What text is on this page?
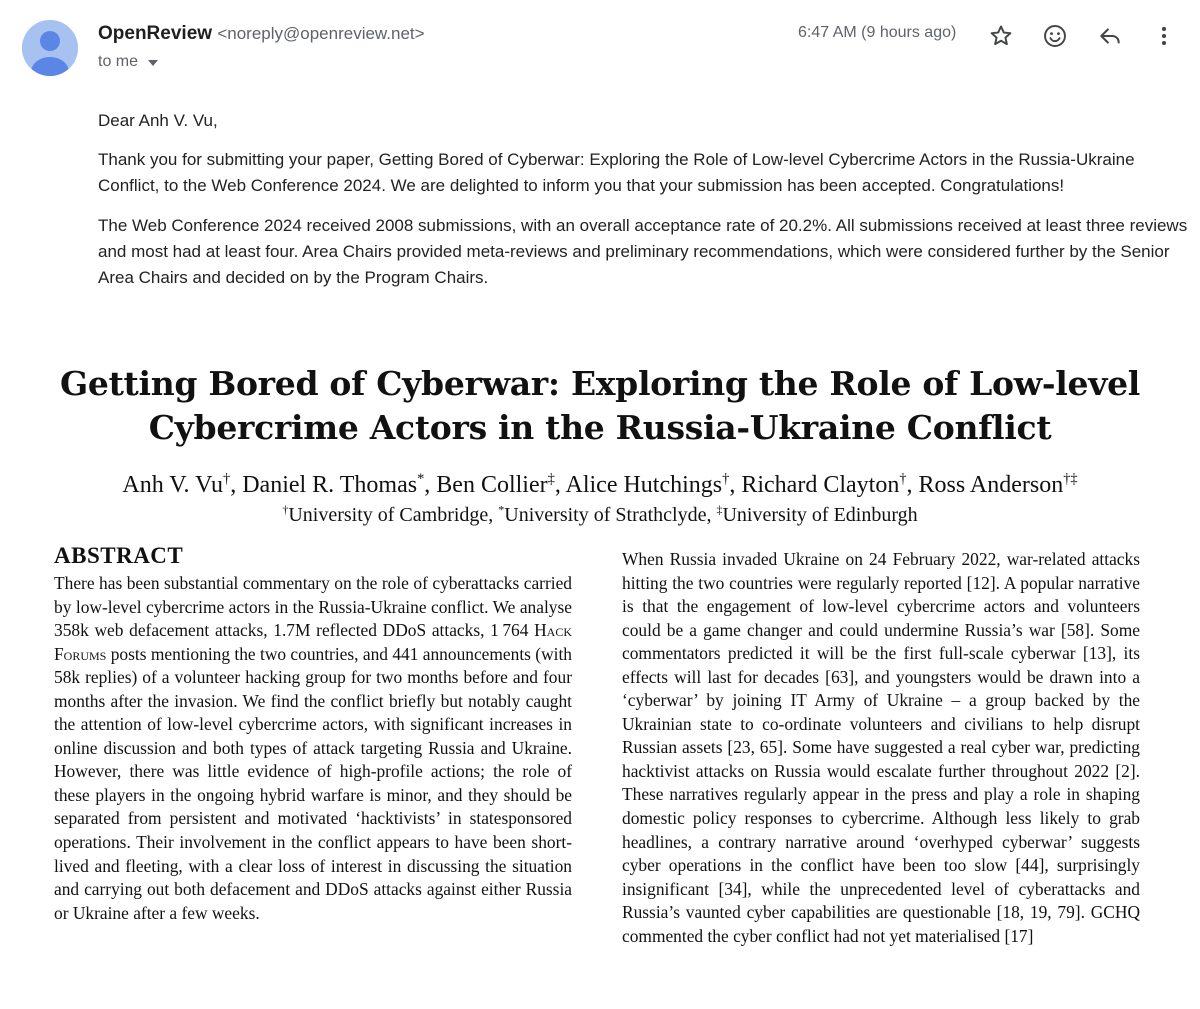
OpenReview <noreply@openreview.net>
to me
6:47 AM (9 hours ago)

Dear Anh V. Vu,

Thank you for submitting your paper, Getting Bored of Cyberwar: Exploring the Role of Low-level Cybercrime Actors in the Russia-Ukraine Conflict, to the Web Conference 2024. We are delighted to inform you that your submission has been accepted. Congratulations!

The Web Conference 2024 received 2008 submissions, with an overall acceptance rate of 20.2%. All submissions received at least three reviews and most had at least four. Area Chairs provided meta-reviews and preliminary recommendations, which were considered further by the Senior Area Chairs and decided on by the Program Chairs.

Getting Bored of Cyberwar: Exploring the Role of Low-level
Cybercrime Actors in the Russia-Ukraine Conflict
Anh V. Vu†, Daniel R. Thomas*, Ben Collier‡, Alice Hutchings†, Richard Clayton†, Ross Anderson†‡
†University of Cambridge, *University of Strathclyde, ‡University of Edinburgh
ABSTRACT
There has been substantial commentary on the role of cyberattacks carried by low-level cybercrime actors in the Russia-Ukraine conflict. We analyse 358k web defacement attacks, 1.7M reflected DDoS attacks, 1 764 Hack Forums posts mentioning the two countries, and 441 announcements (with 58k replies) of a volunteer hacking group for two months before and four months after the invasion. We find the conflict briefly but notably caught the attention of low-level cybercrime actors, with significant increases in online discussion and both types of attack targeting Russia and Ukraine. However, there was little evidence of high-profile actions; the role of these players in the ongoing hybrid warfare is minor, and they should be separated from persistent and motivated ‘hacktivists’ in statesponsored operations. Their involvement in the conflict appears to have been short-lived and fleeting, with a clear loss of interest in discussing the situation and carrying out both defacement and DDoS attacks against either Russia or Ukraine after a few weeks.
When Russia invaded Ukraine on 24 February 2022, war-related attacks hitting the two countries were regularly reported [12]. A popular narrative is that the engagement of low-level cybercrime actors and volunteers could be a game changer and could undermine Russia’s war [58]. Some commentators predicted it will be the first full-scale cyberwar [13], its effects will last for decades [63], and youngsters would be drawn into a ‘cyberwar’ by joining IT Army of Ukraine – a group backed by the Ukrainian state to co-ordinate volunteers and civilians to help disrupt Russian assets [23, 65]. Some have suggested a real cyber war, predicting hacktivist attacks on Russia would escalate further throughout 2022 [2]. These narratives regularly appear in the press and play a role in shaping domestic policy responses to cybercrime. Although less likely to grab headlines, a contrary narrative around ‘overhyped cyberwar’ suggests cyber operations in the conflict have been too slow [44], surprisingly insignificant [34], while the unprecedented level of cyberattacks and Russia’s vaunted cyber capabilities are questionable [18, 19, 79]. GCHQ commented the cyber conflict had not yet materialised [17]
